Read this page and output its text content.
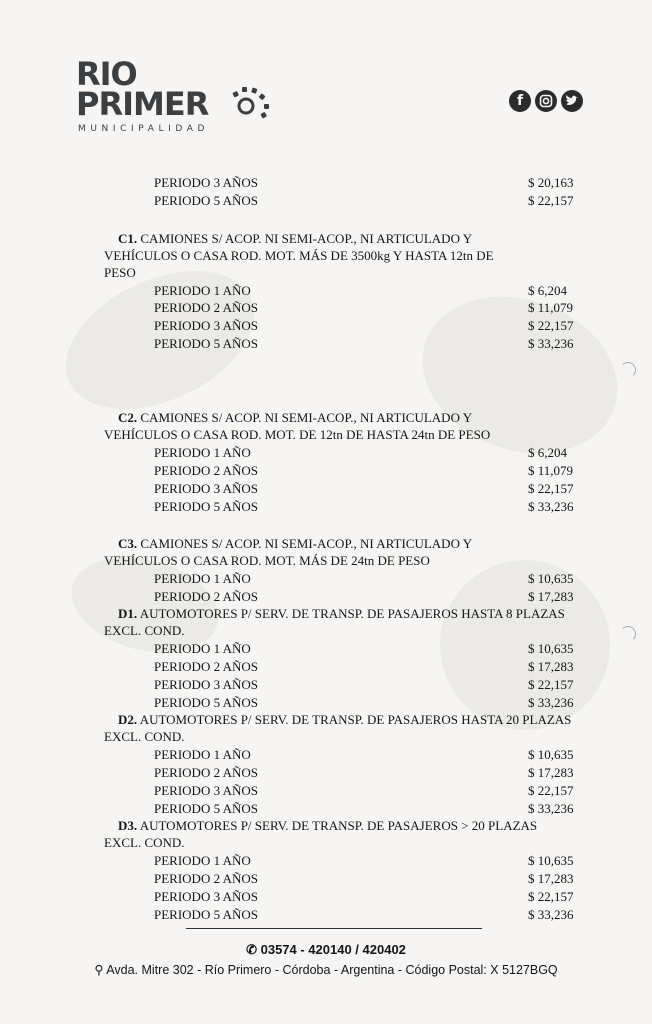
RIO
PRIMER
MUNICIPALIDAD
f
PERIODO 3 AÑOS	$ 20,163
PERIODO 5 AÑOS	$ 22,157
C1. CAMIONES S/ ACOP. NI SEMI-ACOP., NI ARTICULADO Y
VEHÍCULOS O CASA ROD. MOT. MÁS DE 3500kg Y HASTA 12tn DE
PESO
PERIODO 1 AÑO	$ 6,204
PERIODO 2 AÑOS	$ 11,079
PERIODO 3 AÑOS	$ 22,157
PERIODO 5 AÑOS	$ 33,236
C2. CAMIONES S/ ACOP. NI SEMI-ACOP., NI ARTICULADO Y
VEHÍCULOS O CASA ROD. MOT. DE 12tn DE HASTA 24tn DE PESO
PERIODO 1 AÑO	$ 6,204
PERIODO 2 AÑOS	$ 11,079
PERIODO 3 AÑOS	$ 22,157
PERIODO 5 AÑOS	$ 33,236
C3. CAMIONES S/ ACOP. NI SEMI-ACOP., NI ARTICULADO Y
VEHÍCULOS O CASA ROD. MOT. MÁS DE 24tn DE PESO
PERIODO 1 AÑO	$ 10,635
PERIODO 2 AÑOS	$ 17,283
D1. AUTOMOTORES P/ SERV. DE TRANSP. DE PASAJEROS HASTA 8 PLAZAS
EXCL. COND.
PERIODO 1 AÑO	$ 10,635
PERIODO 2 AÑOS	$ 17,283
PERIODO 3 AÑOS	$ 22,157
PERIODO 5 AÑOS	$ 33,236
D2. AUTOMOTORES P/ SERV. DE TRANSP. DE PASAJEROS HASTA 20 PLAZAS
EXCL. COND.
PERIODO 1 AÑO	$ 10,635
PERIODO 2 AÑOS	$ 17,283
PERIODO 3 AÑOS	$ 22,157
PERIODO 5 AÑOS	$ 33,236
D3. AUTOMOTORES P/ SERV. DE TRANSP. DE PASAJEROS > 20 PLAZAS
EXCL. COND.
PERIODO 1 AÑO	$ 10,635
PERIODO 2 AÑOS	$ 17,283
PERIODO 3 AÑOS	$ 22,157
PERIODO 5 AÑOS	$ 33,236
✆ 03574 - 420140 / 420402
⚲ Avda. Mitre 302 - Río Primero - Córdoba - Argentina - Código Postal: X 5127BGQ
